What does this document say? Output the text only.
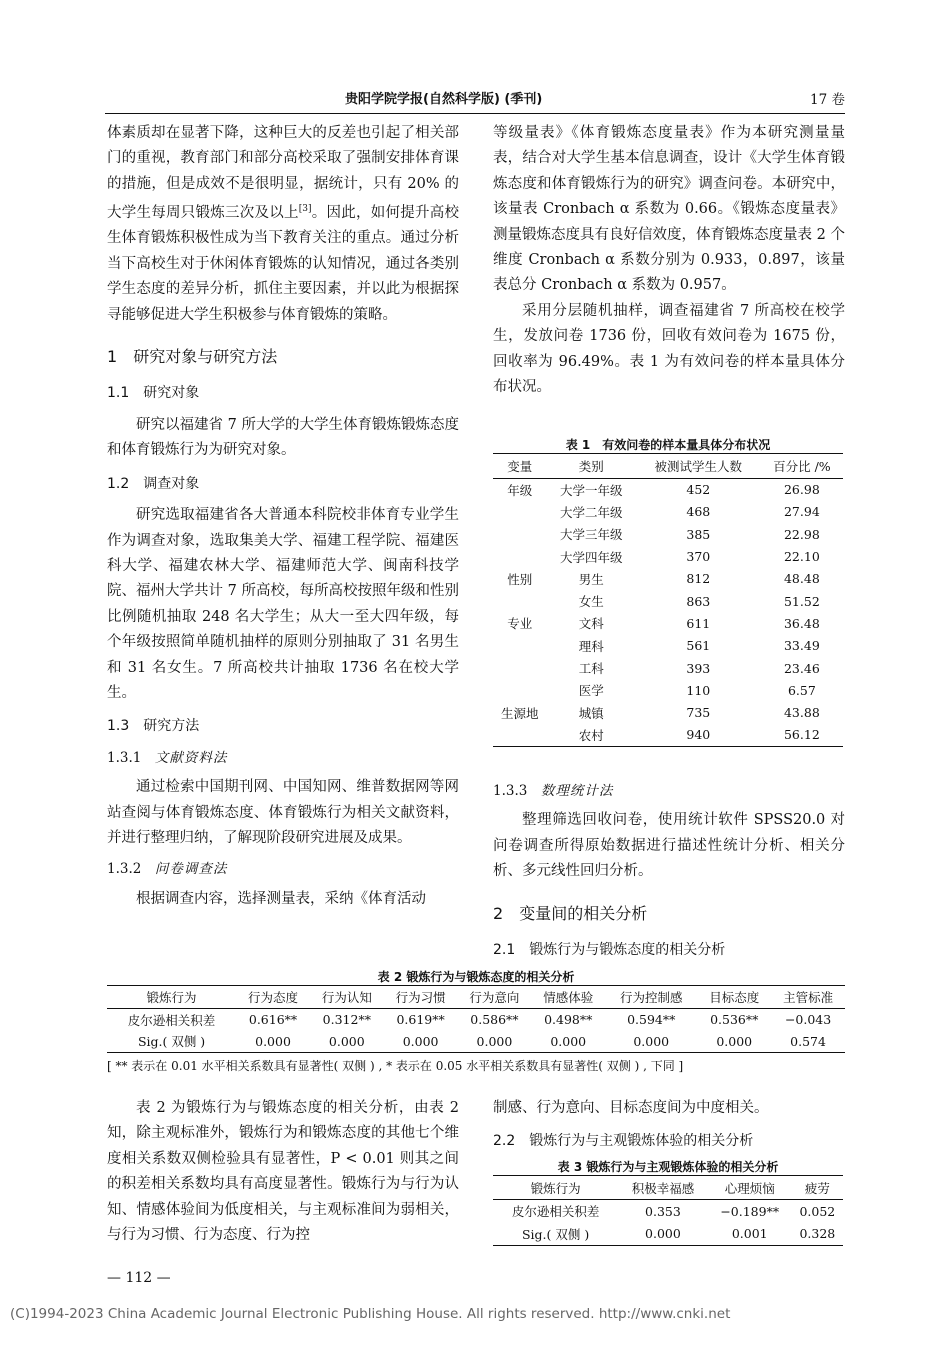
贵阳学院学报(自然科学版) (季刊)	17 卷

体素质却在显著下降，这种巨大的反差也引起了相关部门的重视，教育部门和部分高校采取了强制安排体育课的措施，但是成效不是很明显，据统计，只有 20% 的大学生每周只锻炼三次及以上[3]。因此，如何提升高校生体育锻炼积极性成为当下教育关注的重点。通过分析当下高校生对于休闲体育锻炼的认知情况，通过各类别学生态度的差异分析，抓住主要因素，并以此为根据探寻能够促进大学生积极参与体育锻炼的策略。

1　 研究对象与研究方法
1.1　 研究对象

研究以福建省 7 所大学的大学生体育锻炼锻炼态度和体育锻炼行为为研究对象。

1.2　 调查对象

研究选取福建省各大普通本科院校非体育专业学生作为调查对象，选取集美大学、福建工程学院、福建医科大学、福建农林大学、福建师范大学、闽南科技学院、福州大学共计 7 所高校，每所高校按照年级和性别比例随机抽取 248 名大学生；从大一至大四年级，每个年级按照简单随机抽样的原则分别抽取了 31 名男生和 31 名女生。7 所高校共计抽取 1736 名在校大学生。

1.3　 研究方法
1.3.1　 文献资料法

通过检索中国期刊网、中国知网、维普数据网等网站查阅与体育锻炼态度、体育锻炼行为相关文献资料，并进行整理归纳，了解现阶段研究进展及成果。

1.3.2　 问卷调查法

根据调查内容，选择测量表，采纳《体育活动

等级量表》《体育锻炼态度量表》作为本研究测量量表，结合对大学生基本信息调查，设计《大学生体育锻炼态度和体育锻炼行为的研究》调查问卷。本研究中，该量表 Cronbach α 系数为 0.66。《锻炼态度量表》测量锻炼态度具有良好信效度，体育锻炼态度量表 2 个维度 Cronbach α 系数分别为 0.933，0.897，该量表总分 Cronbach α 系数为 0.957。

采用分层随机抽样，调查福建省 7 所高校在校学生，发放问卷 1736 份，回收有效问卷为 1675 份，回收率为 96.49%。表 1 为有效问卷的样本量具体分布状况。

表 1　有效问卷的样本量具体分布状况
变量	类别	被测试学生人数	百分比 /%
年级	大学一年级	452	26.98
	大学二年级	468	27.94
	大学三年级	385	22.98
	大学四年级	370	22.10
性别	男生	812	48.48
	女生	863	51.52
专业	文科	611	36.48
	理科	561	33.49
	工科	393	23.46
	医学	110	6.57
生源地	城镇	735	43.88
	农村	940	56.12
1.3.3　 数理统计法

整理筛选回收问卷，使用统计软件 SPSS20.0 对问卷调查所得原始数据进行描述性统计分析、相关分析、多元线性回归分析。

2　 变量间的相关分析
2.1　 锻炼行为与锻炼态度的相关分析
表 2 锻炼行为与锻炼态度的相关分析
锻炼行为	行为态度	行为认知	行为习惯	行为意向	情感体验	行为控制感	目标态度	主管标准
皮尔逊相关积差	0.616**	0.312**	0.619**	0.586**	0.498**	0.594**	0.536**	−0.043
Sig.( 双侧 )	0.000	0.000	0.000	0.000	0.000	0.000	0.000	0.574
[ ** 表示在 0.01 水平相关系数具有显著性( 双侧 ) , * 表示在 0.05 水平相关系数具有显著性( 双侧 ) , 下同 ]

表 2 为锻炼行为与锻炼态度的相关分析，由表 2 知，除主观标准外，锻炼行为和锻炼态度的其他七个维度相关系数双侧检验具有显著性，P < 0.01 则其之间的积差相关系数均具有高度显著性。锻炼行为与行为认知、情感体验间为低度相关，与主观标准间为弱相关，与行为习惯、行为态度、行为控

制感、行为意向、目标态度间为中度相关。

2.2　 锻炼行为与主观锻炼体验的相关分析
表 3 锻炼行为与主观锻炼体验的相关分析
锻炼行为	积极幸福感	心理烦恼	疲劳
皮尔逊相关积差	0.353	−0.189**	0.052
Sig.( 双侧 )	0.000	0.001	0.328
— 112 —
(C)1994-2023 China Academic Journal Electronic Publishing House. All rights reserved. http://www.cnki.net
